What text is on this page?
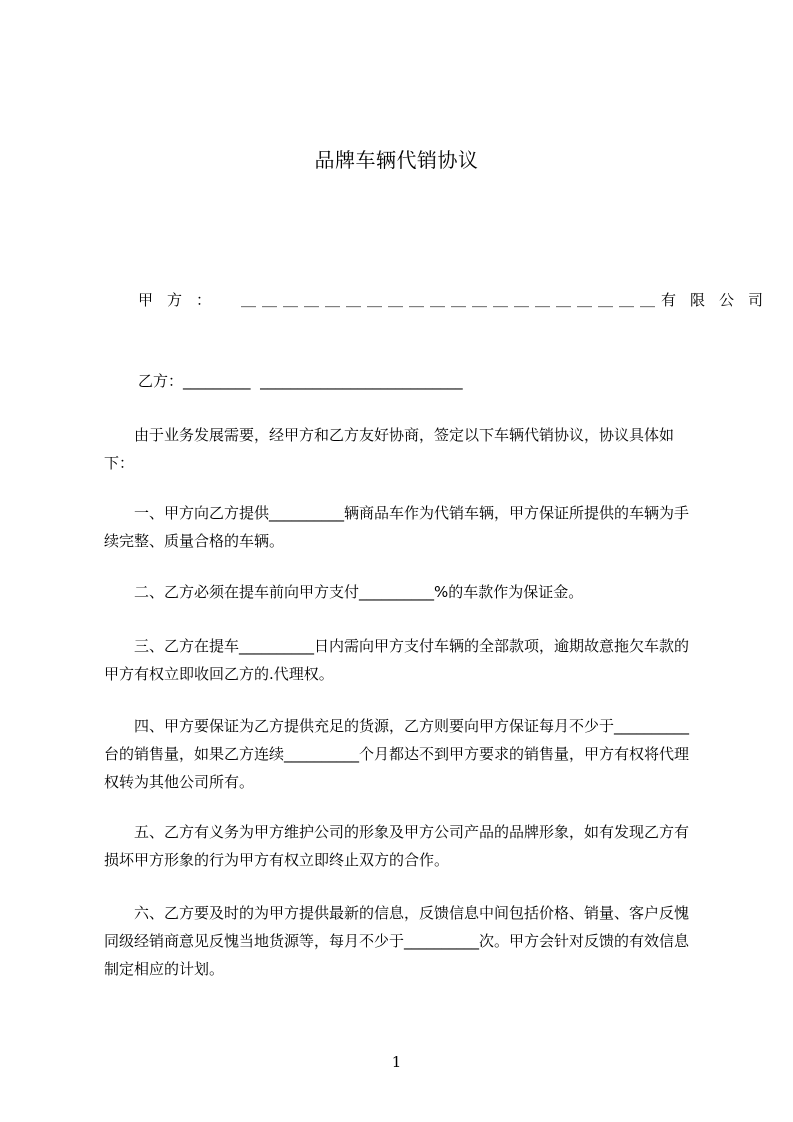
品牌车辆代销协议
甲方：	＿＿＿＿＿＿＿＿＿＿＿＿＿＿＿＿＿＿＿＿ 有限公司
乙方：_________ ___________________________
由于业务发展需要，经甲方和乙方友好协商，签定以下车辆代销协议，协议具体如下：
一、甲方向乙方提供__________辆商品车作为代销车辆，甲方保证所提供的车辆为手续完整、质量合格的车辆。
二、乙方必须在提车前向甲方支付__________%的车款作为保证金。
三、乙方在提车__________日内需向甲方支付车辆的全部款项，逾期故意拖欠车款的甲方有权立即收回乙方的.代理权。
四、甲方要保证为乙方提供充足的货源，乙方则要向甲方保证每月不少于__________台的销售量，如果乙方连续__________个月都达不到甲方要求的销售量，甲方有权将代理权转为其他公司所有。
五、乙方有义务为甲方维护公司的形象及甲方公司产品的品牌形象，如有发现乙方有损坏甲方形象的行为甲方有权立即终止双方的合作。
六、乙方要及时的为甲方提供最新的信息，反馈信息中间包括价格、销量、客户反愧同级经销商意见反愧当地货源等，每月不少于__________次。甲方会针对反馈的有效信息制定相应的计划。
1
